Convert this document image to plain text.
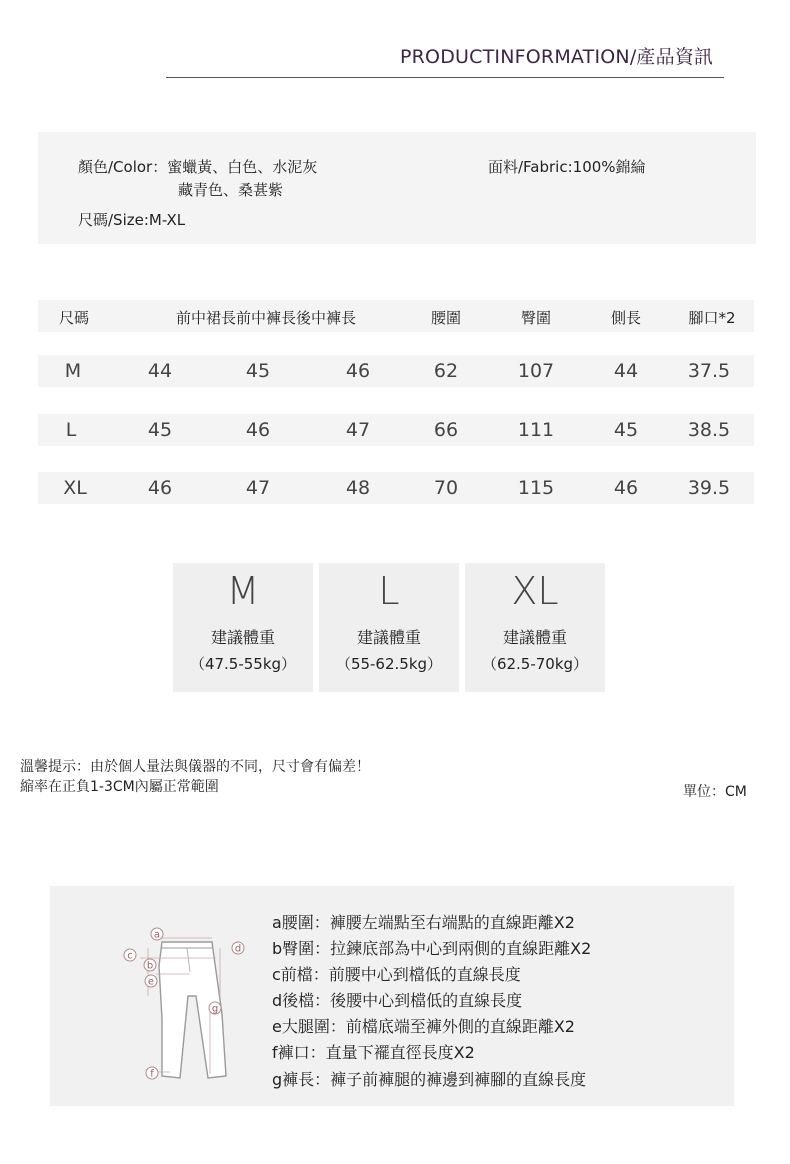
PRODUCTINFORMATION/產品資訊
顏色/Color：蜜蠟黃、白色、水泥灰
藏青色、桑葚紫
面料/Fabric:100%錦綸
尺碼/Size:M-XL
尺碼	前中裙長前中褲長後中褲長	腰圍	臀圍	側長	腳口*2
M	44	45	46	62	107	44	37.5
L	45	46	47	66	111	45	38.5
XL	46	47	48	70	115	46	39.5
M
建議體重
（47.5-55kg）
L
建議體重
（55-62.5kg）
XL
建議體重
（62.5-70kg）
溫馨提示：由於個人量法與儀器的不同，尺寸會有偏差！
縮率在正負1-3CM內屬正常範圍	單位：CM
a
b
c
d
e
f
g
a腰圍：褲腰左端點至右端點的直線距離X2
b臀圍：拉鍊底部為中心到兩側的直線距離X2
c前檔：前腰中心到檔低的直線長度
d後檔：後腰中心到檔低的直線長度
e大腿圍：前檔底端至褲外側的直線距離X2
f褲口：直量下襬直徑長度X2
g褲長：褲子前褲腿的褲邊到褲腳的直線長度
